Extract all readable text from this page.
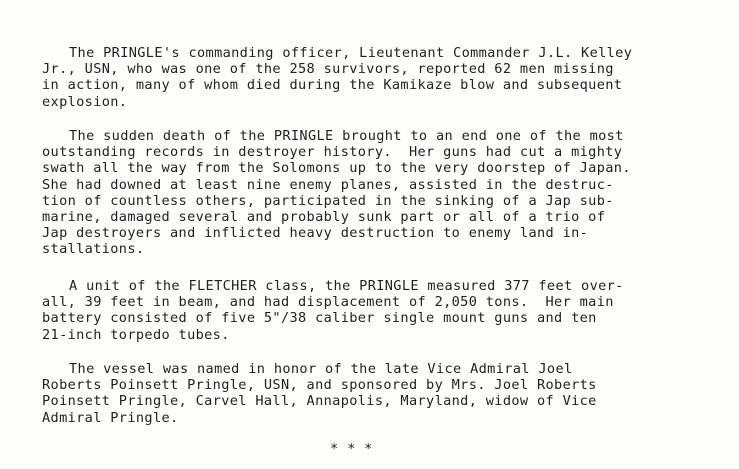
The PRINGLE's commanding officer, Lieutenant Commander J.L. Kelley
Jr., USN, who was one of the 258 survivors, reported 62 men missing
in action, many of whom died during the Kamikaze blow and subsequent
explosion.
The sudden death of the PRINGLE brought to an end one of the most
outstanding records in destroyer history.  Her guns had cut a mighty
swath all the way from the Solomons up to the very doorstep of Japan.
She had downed at least nine enemy planes, assisted in the destruc-
tion of countless others, participated in the sinking of a Jap sub-
marine, damaged several and probably sunk part or all of a trio of
Jap destroyers and inflicted heavy destruction to enemy land in-
stallations.
A unit of the FLETCHER class, the PRINGLE measured 377 feet over-
all, 39 feet in beam, and had displacement of 2,050 tons.  Her main
battery consisted of five 5"/38 caliber single mount guns and ten
21-inch torpedo tubes.
The vessel was named in honor of the late Vice Admiral Joel
Roberts Poinsett Pringle, USN, and sponsored by Mrs. Joel Roberts
Poinsett Pringle, Carvel Hall, Annapolis, Maryland, widow of Vice
Admiral Pringle.
* * *
